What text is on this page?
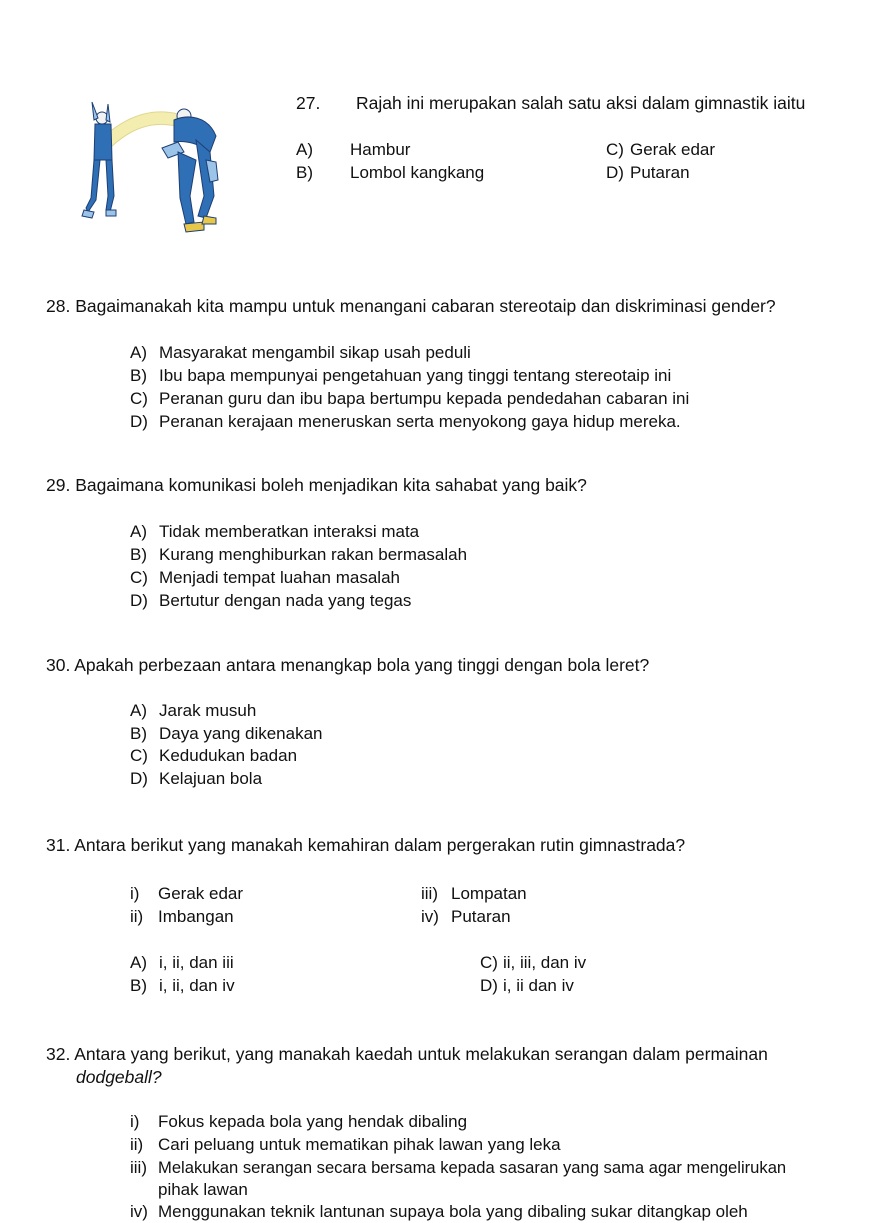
27. Rajah ini merupakan salah satu aksi dalam gimnastik iaitu
A) Hambur
B) Lombol kangkang
C) Gerak edar
D) Putaran
28. Bagaimanakah kita mampu untuk menangani cabaran stereotaip dan diskriminasi gender?
A) Masyarakat mengambil sikap usah peduli
B) Ibu bapa mempunyai pengetahuan yang tinggi tentang stereotaip ini
C) Peranan guru dan ibu bapa bertumpu kepada pendedahan cabaran ini
D) Peranan kerajaan meneruskan serta menyokong gaya hidup mereka.
29. Bagaimana komunikasi boleh menjadikan kita sahabat yang baik?
A) Tidak memberatkan interaksi mata
B) Kurang menghiburkan rakan bermasalah
C) Menjadi tempat luahan masalah
D) Bertutur dengan nada yang tegas
30. Apakah perbezaan antara menangkap bola yang tinggi dengan bola leret?
A) Jarak musuh
B) Daya yang dikenakan
C) Kedudukan badan
D) Kelajuan bola
31. Antara berikut yang manakah kemahiran dalam pergerakan rutin gimnastrada?
i) Gerak edar
ii) Imbangan
iii) Lompatan
iv) Putaran
A) i, ii, dan iii
B) i, ii, dan iv
C) ii, iii, dan iv
D) i, ii dan iv
32. Antara yang berikut, yang manakah kaedah untuk melakukan serangan dalam permainan
dodgeball?
i) Fokus kepada bola yang hendak dibaling
ii) Cari peluang untuk mematikan pihak lawan yang leka
iii) Melakukan serangan secara bersama kepada sasaran yang sama agar mengelirukan
pihak lawan
iv) Menggunakan teknik lantunan supaya bola yang dibaling sukar ditangkap oleh
